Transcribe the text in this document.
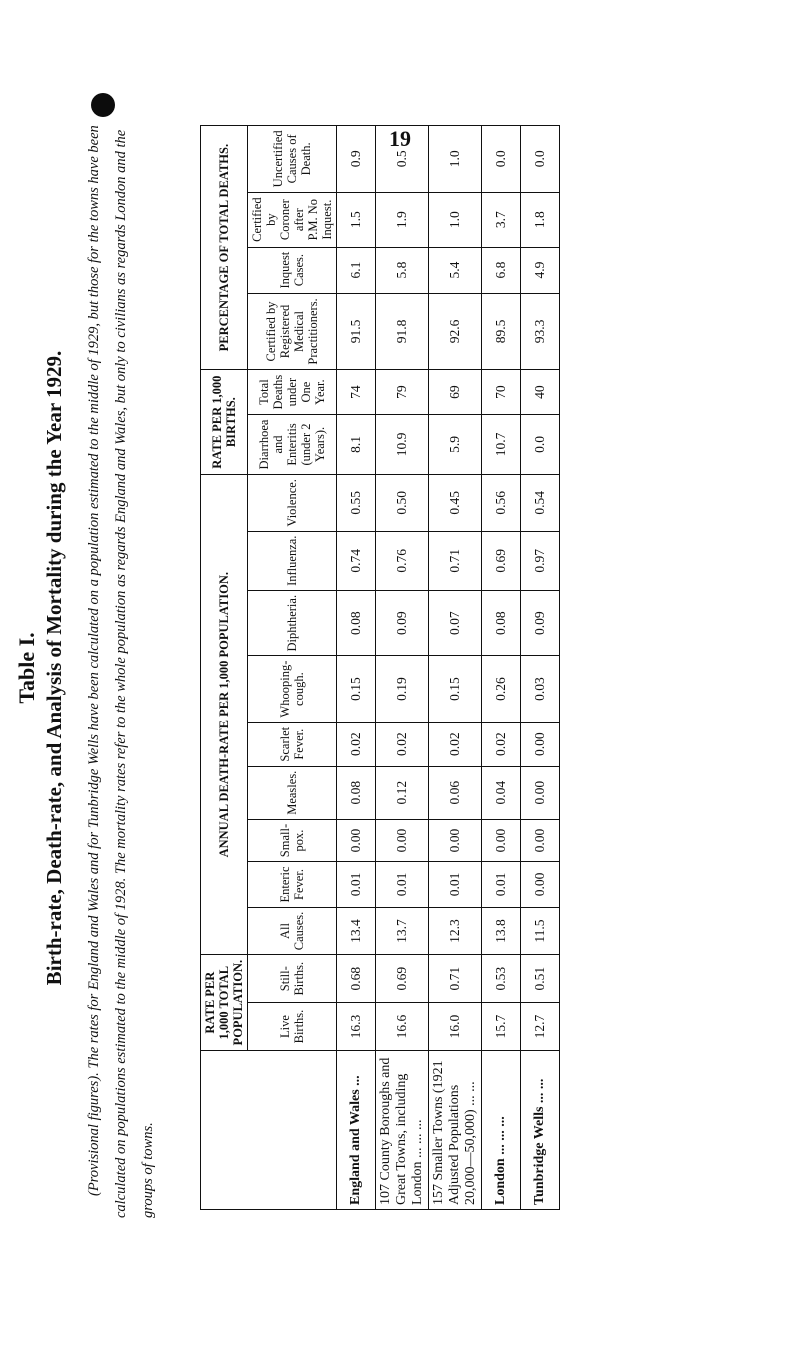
19
Table I. Birth-rate, Death-rate, and Analysis of Mortality during the Year 1929.	(Provisional figures). The rates for England and Wales and for Tunbridge Wells have been calculated on a population estimated to the middle of 1929, but those for the towns have been calculated on populations estimated to the middle of 1928. The mortality rates refer to the whole population as regards England and Wales, but only to civilians as regards London and the groups of towns.

	RATE PER 1,000 TOTAL POPULATION.		ANNUAL DEATH-RATE PER 1,000 POPULATION.									RATE PER 1,000 BIRTHS.		PERCENTAGE OF TOTAL DEATHS.			
	Live Births.	Still-Births.	All Causes.	Enteric Fever.	Small-pox.	Measles.	Scarlet Fever.	Whooping-cough.	Diphtheria.	Influenza.	Violence.	Diarrhoea and Enteritis (under 2 Years).	Total Deaths under One Year.	Certified by Registered Medical Practitioners.	Inquest Cases.	Certified by Coroner after P.M. No Inquest.	Uncertified Causes of Death.
England and Wales ...	16.3	0.68	13.4	0.01	0.00	0.08	0.02	0.15	0.08	0.74	0.55	8.1	74	91.5	6.1	1.5	0.9
107 County Boroughs and Great Towns, including London ... ... ...	16.6	0.69	13.7	0.01	0.00	0.12	0.02	0.19	0.09	0.76	0.50	10.9	79	91.8	5.8	1.9	0.5
157 Smaller Towns (1921 Adjusted Populations 20,000—50,000) ... ...	16.0	0.71	12.3	0.01	0.00	0.06	0.02	0.15	0.07	0.71	0.45	5.9	69	92.6	5.4	1.0	1.0
London ... ... ...	15.7	0.53	13.8	0.01	0.00	0.04	0.02	0.26	0.08	0.69	0.56	10.7	70	89.5	6.8	3.7	0.0
Tunbridge Wells ... ...	12.7	0.51	11.5	0.00	0.00	0.00	0.00	0.03	0.09	0.97	0.54	0.0	40	93.3	4.9	1.8	0.0
